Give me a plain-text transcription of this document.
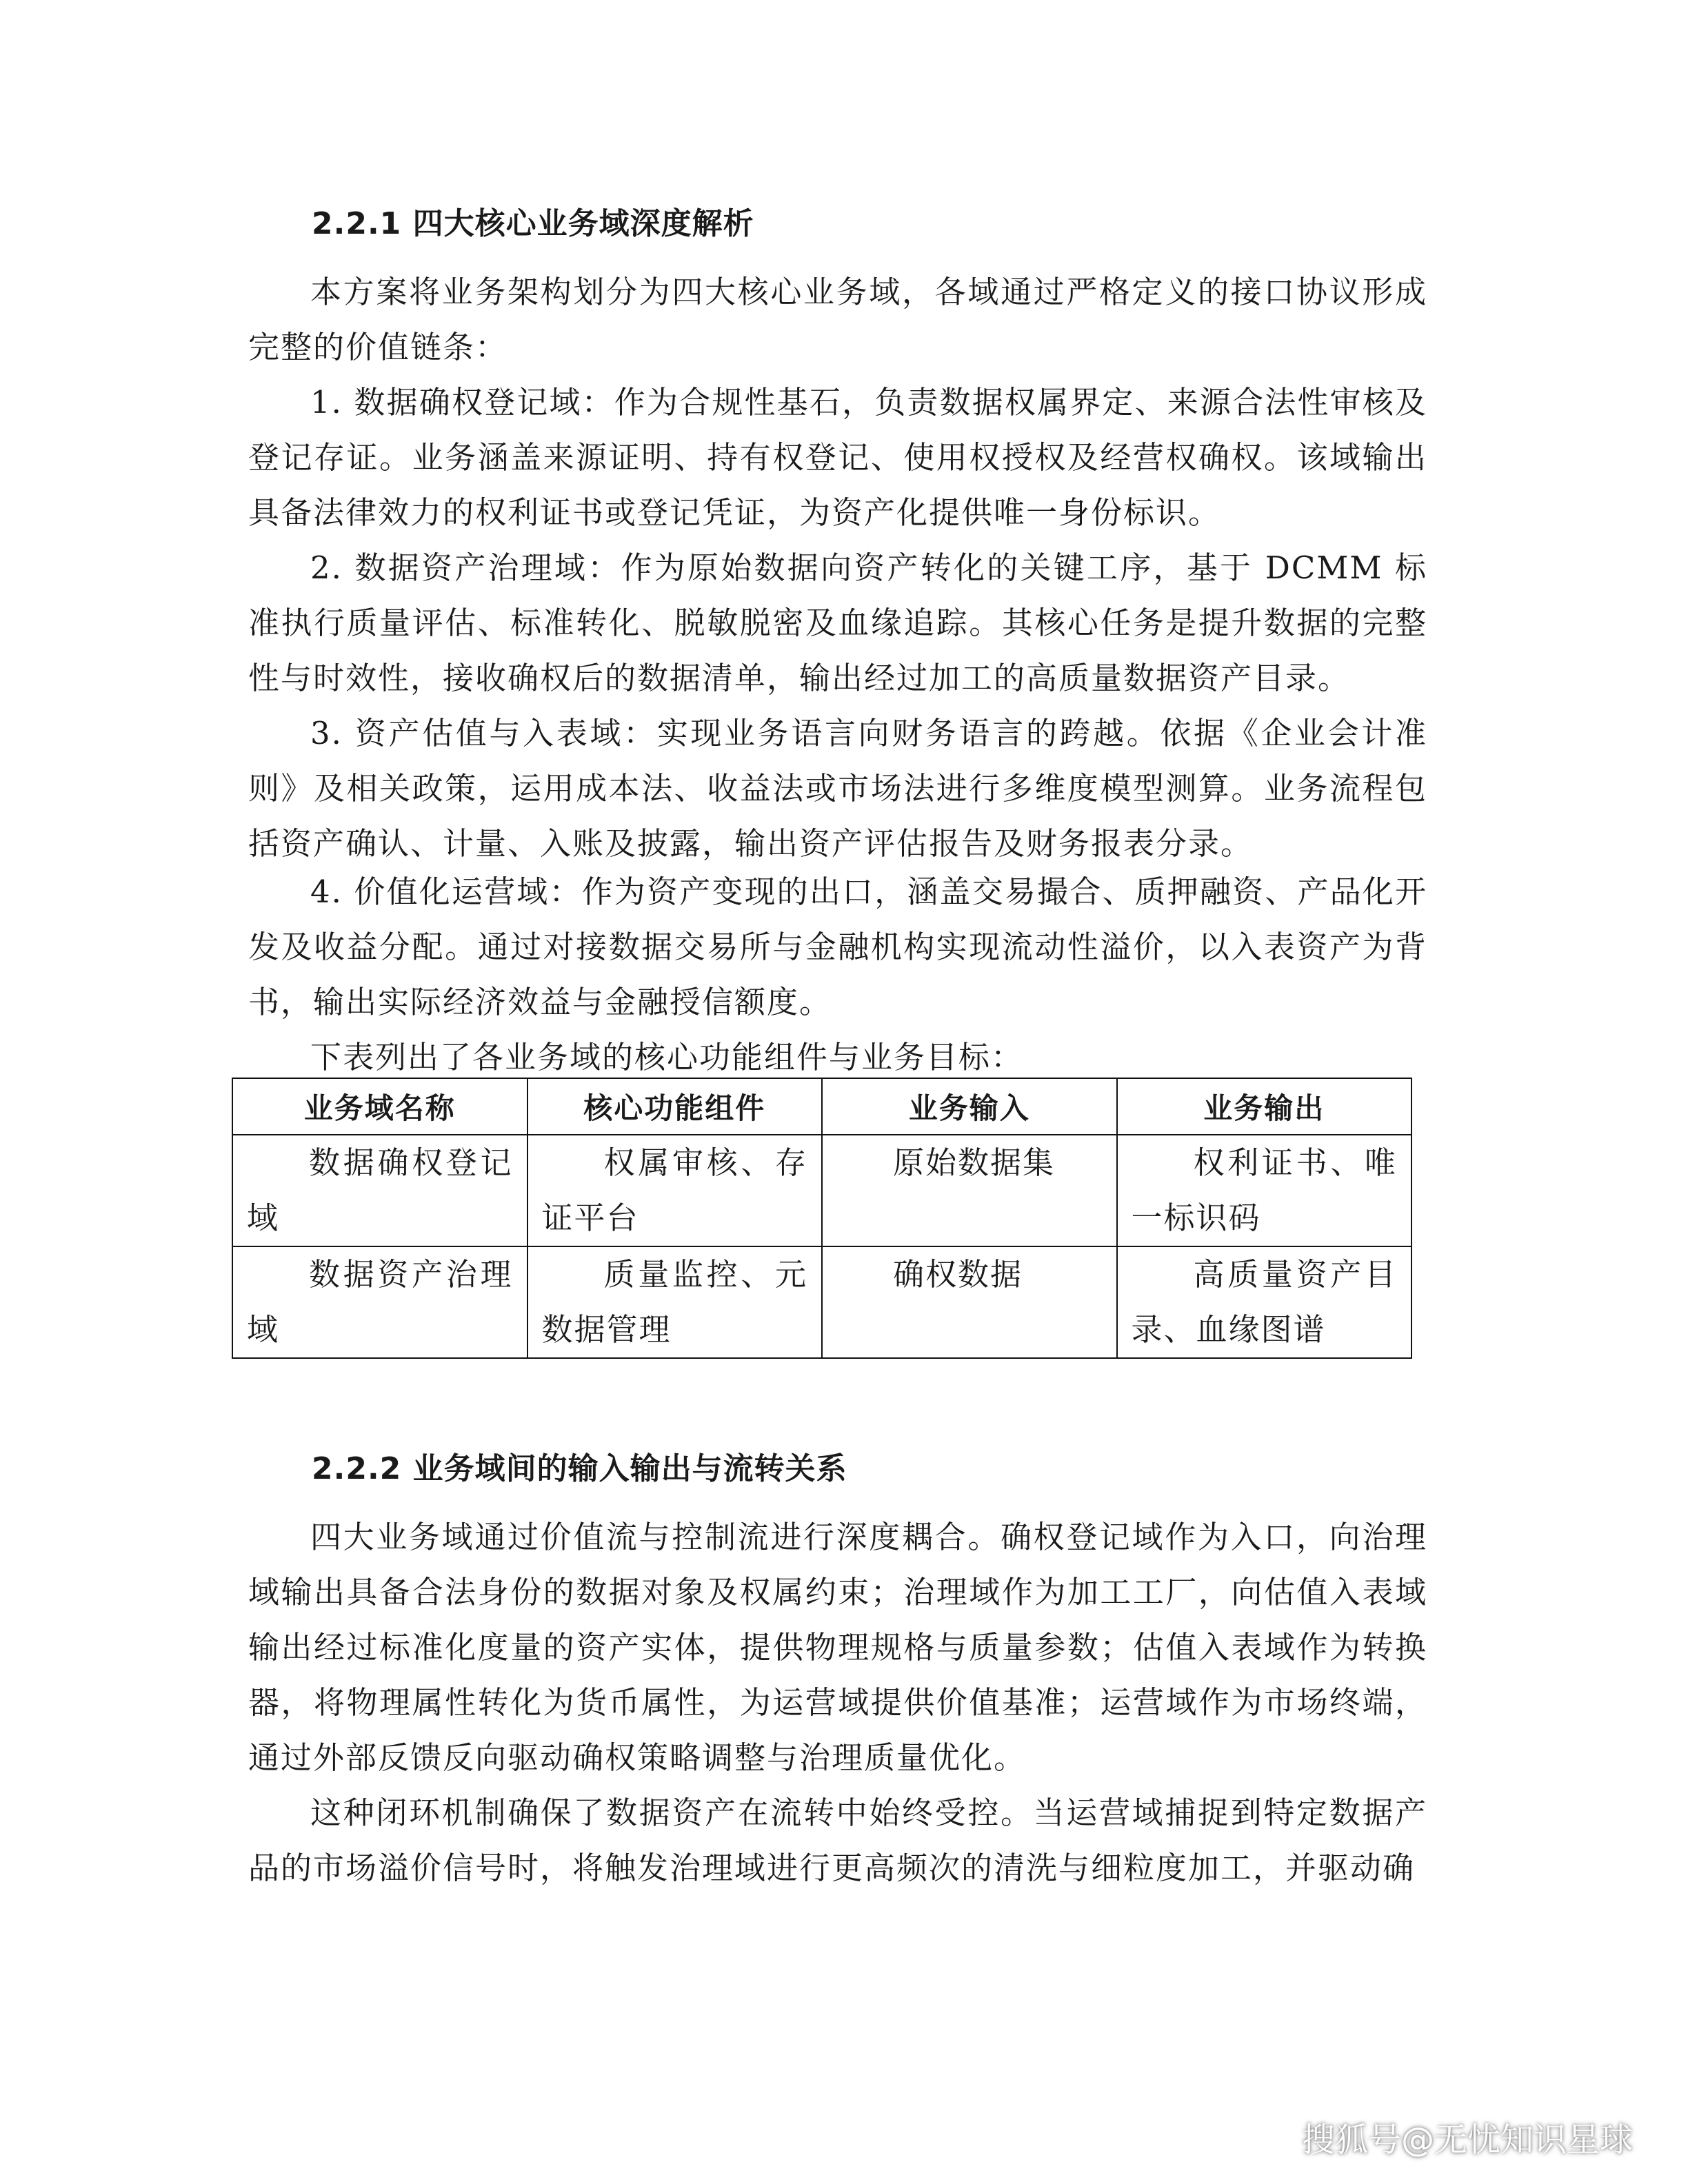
2.2.1 四大核心业务域深度解析

本方案将业务架构划分为四大核心业务域，各域通过严格定义的接口协议形成完整的价值链条：

1. 数据确权登记域：作为合规性基石，负责数据权属界定、来源合法性审核及登记存证。业务涵盖来源证明、持有权登记、使用权授权及经营权确权。该域输出具备法律效力的权利证书或登记凭证，为资产化提供唯一身份标识。

2. 数据资产治理域：作为原始数据向资产转化的关键工序，基于 DCMM 标准执行质量评估、标准转化、脱敏脱密及血缘追踪。其核心任务是提升数据的完整性与时效性，接收确权后的数据清单，输出经过加工的高质量数据资产目录。

3. 资产估值与入表域：实现业务语言向财务语言的跨越。依据《企业会计准则》及相关政策，运用成本法、收益法或市场法进行多维度模型测算。业务流程包括资产确认、计量、入账及披露，输出资产评估报告及财务报表分录。

4. 价值化运营域：作为资产变现的出口，涵盖交易撮合、质押融资、产品化开发及收益分配。通过对接数据交易所与金融机构实现流动性溢价，以入表资产为背书，输出实际经济效益与金融授信额度。

下表列出了各业务域的核心功能组件与业务目标：
业务域名称	核心功能组件	业务输入	业务输出
数据确权登记域	权属审核、存证平台	原始数据集	权利证书、唯一标识码
数据资产治理域	质量监控、元数据管理	确权数据	高质量资产目录、血缘图谱
2.2.2 业务域间的输入输出与流转关系

四大业务域通过价值流与控制流进行深度耦合。确权登记域作为入口，向治理域输出具备合法身份的数据对象及权属约束；治理域作为加工工厂，向估值入表域输出经过标准化度量的资产实体，提供物理规格与质量参数；估值入表域作为转换器，将物理属性转化为货币属性，为运营域提供价值基准；运营域作为市场终端，通过外部反馈反向驱动确权策略调整与治理质量优化。

这种闭环机制确保了数据资产在流转中始终受控。当运营域捕捉到特定数据产品的市场溢价信号时，将触发治理域进行更高频次的清洗与细粒度加工，并驱动确

搜狐号@无忧知识星球
